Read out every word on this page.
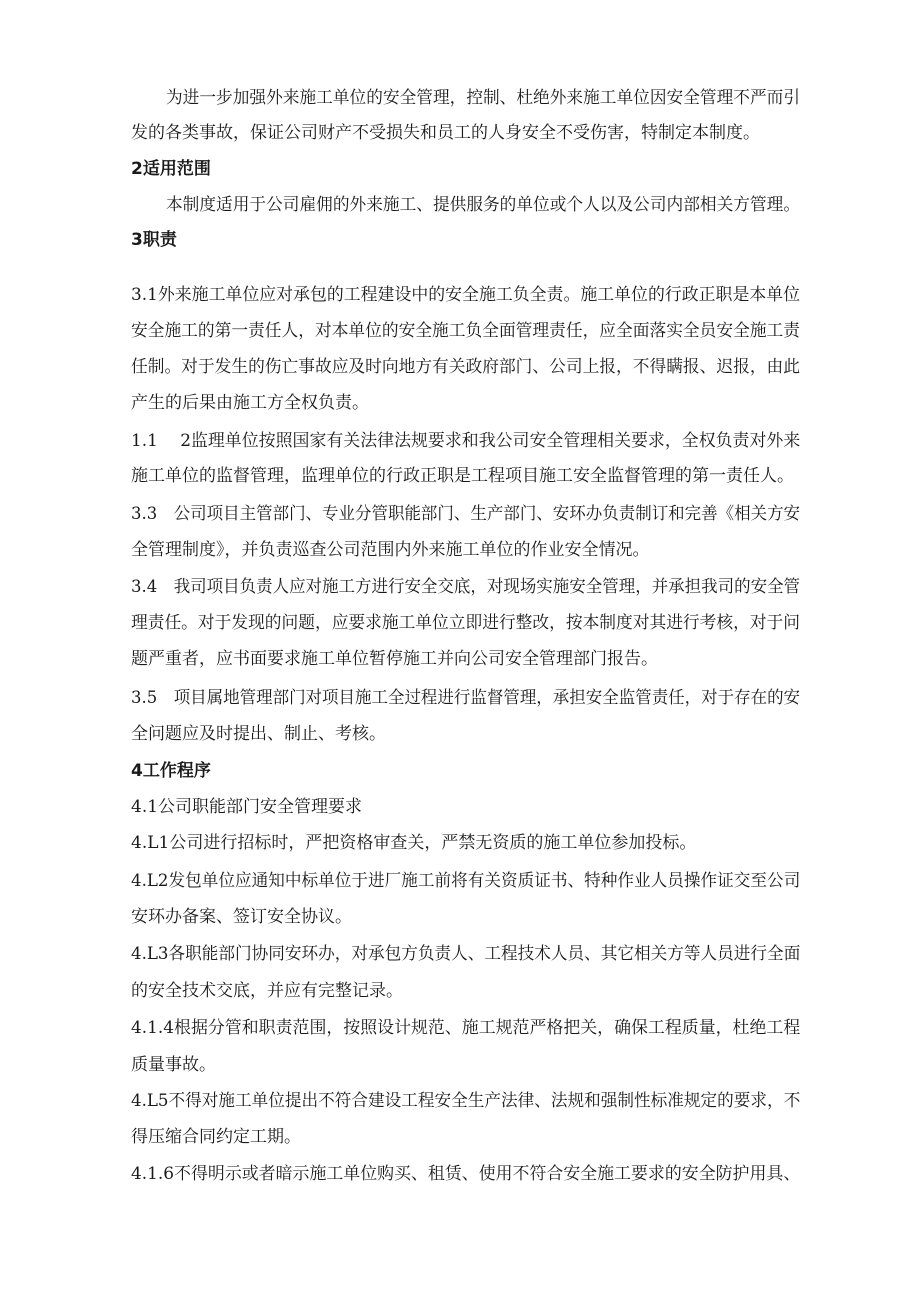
为进一步加强外来施工单位的安全管理，控制、杜绝外来施工单位因安全管理不严而引
发的各类事故，保证公司财产不受损失和员工的人身安全不受伤害，特制定本制度。
2适用范围
本制度适用于公司雇佣的外来施工、提供服务的单位或个人以及公司内部相关方管理。
3职责
3.1外来施工单位应对承包的工程建设中的安全施工负全责。施工单位的行政正职是本单位
安全施工的第一责任人，对本单位的安全施工负全面管理责任，应全面落实全员安全施工责
任制。对于发生的伤亡事故应及时向地方有关政府部门、公司上报，不得瞒报、迟报，由此
产生的后果由施工方全权负责。
1.1　 2监理单位按照国家有关法律法规要求和我公司安全管理相关要求，全权负责对外来
施工单位的监督管理，监理单位的行政正职是工程项目施工安全监督管理的第一责任人。
3.3　公司项目主管部门、专业分管职能部门、生产部门、安环办负责制订和完善《相关方安
全管理制度》，并负责巡查公司范围内外来施工单位的作业安全情况。
3.4　我司项目负责人应对施工方进行安全交底，对现场实施安全管理，并承担我司的安全管
理责任。对于发现的问题，应要求施工单位立即进行整改，按本制度对其进行考核，对于问
题严重者，应书面要求施工单位暂停施工并向公司安全管理部门报告。
3.5　项目属地管理部门对项目施工全过程进行监督管理，承担安全监管责任，对于存在的安
全问题应及时提出、制止、考核。
4工作程序
4.1公司职能部门安全管理要求
4.L1公司进行招标时，严把资格审查关，严禁无资质的施工单位参加投标。
4.L2发包单位应通知中标单位于进厂施工前将有关资质证书、特种作业人员操作证交至公司
安环办备案、签订安全协议。
4.L3各职能部门协同安环办，对承包方负责人、工程技术人员、其它相关方等人员进行全面
的安全技术交底，并应有完整记录。
4.1.4根据分管和职责范围，按照设计规范、施工规范严格把关，确保工程质量，杜绝工程
质量事故。
4.L5不得对施工单位提出不符合建设工程安全生产法律、法规和强制性标准规定的要求，不
得压缩合同约定工期。
4.1.6不得明示或者暗示施工单位购买、租赁、使用不符合安全施工要求的安全防护用具、
